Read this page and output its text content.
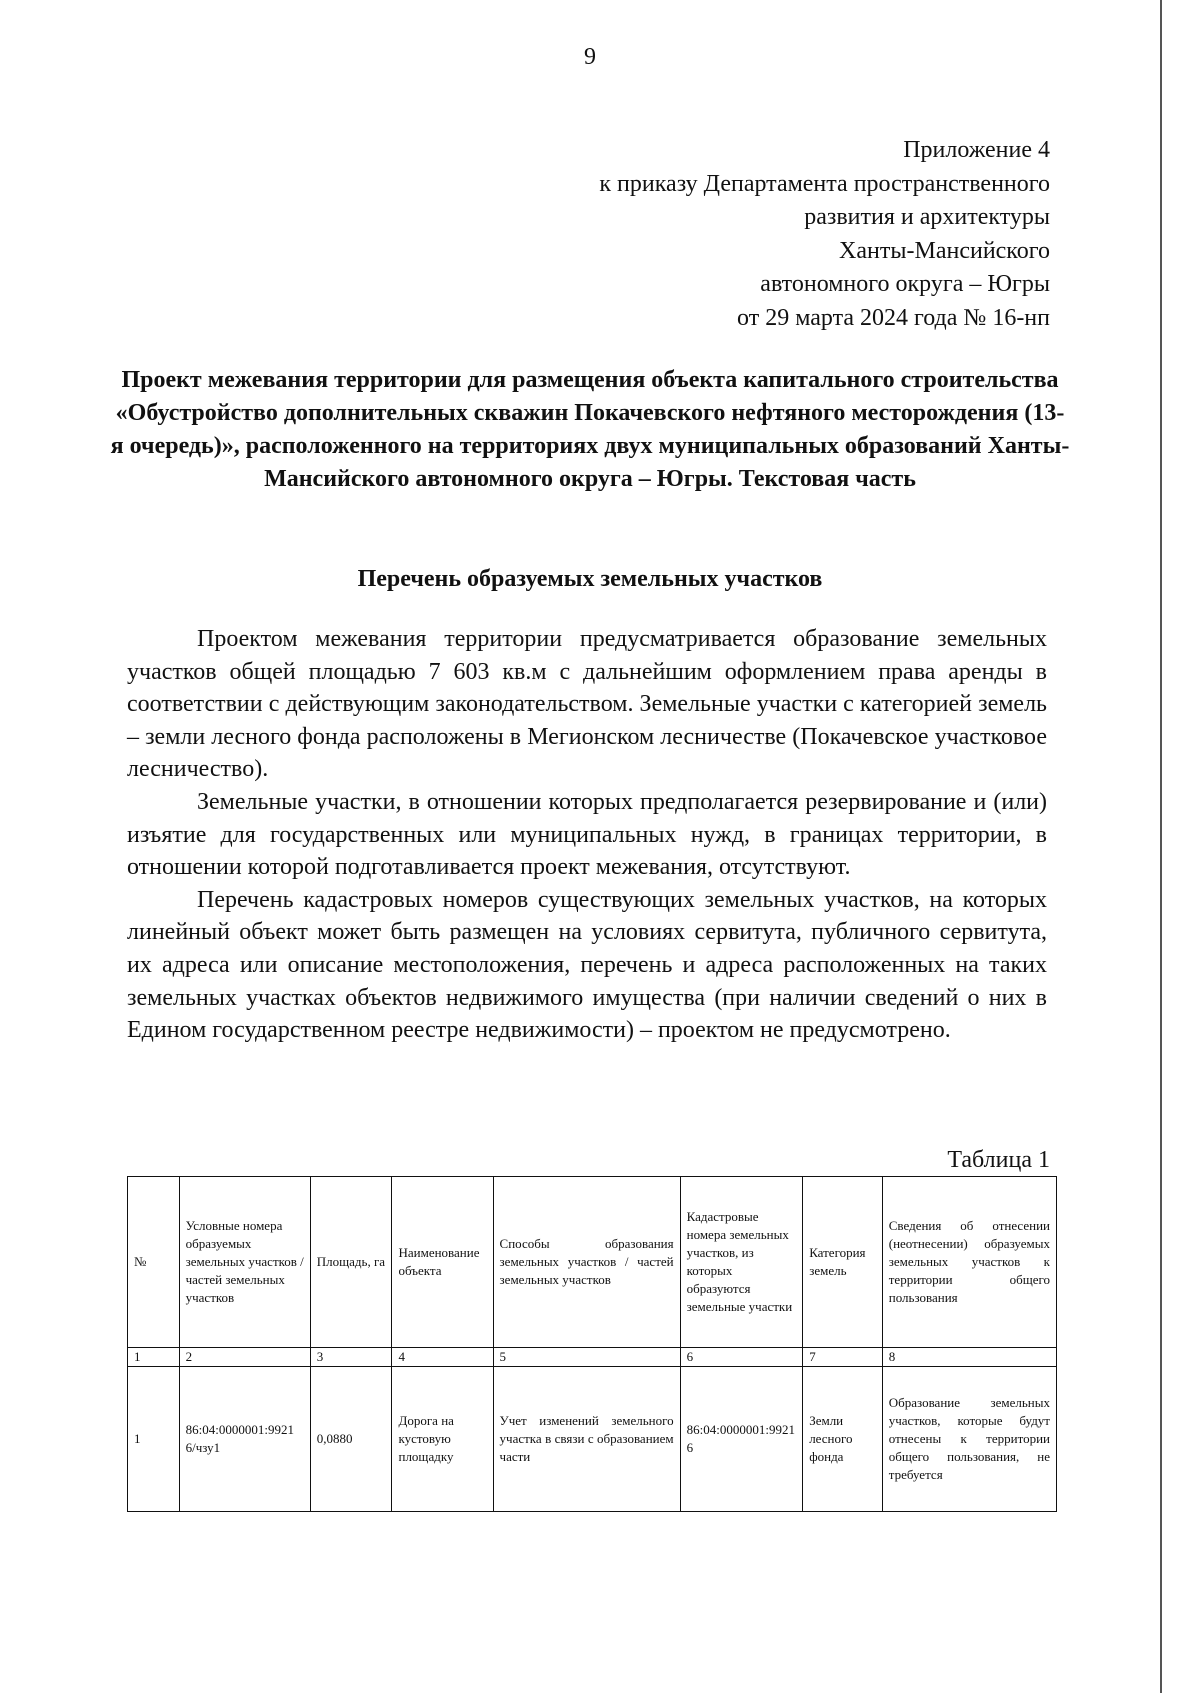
9
Приложение 4
к приказу Департамента пространственного
развития и архитектуры
Ханты-Мансийского
автономного округа – Югры
от 29 марта 2024 года № 16-нп
Проект межевания территории для размещения объекта капитального строительства «Обустройство дополнительных скважин Покачевского нефтяного месторождения (13-я очередь)», расположенного на территориях двух муниципальных образований Ханты-Мансийского автономного округа – Югры. Текстовая часть
Перечень образуемых земельных участков

Проектом межевания территории предусматривается образование земельных участков общей площадью 7 603 кв.м с дальнейшим оформлением права аренды в соответствии с действующим законодательством. Земельные участки с категорией земель – земли лесного фонда расположены в Мегионском лесничестве (Покачевское участковое лесничество).

Земельные участки, в отношении которых предполагается резервирование и (или) изъятие для государственных или муниципальных нужд, в границах территории, в отношении которой подготавливается проект межевания, отсутствуют.

Перечень кадастровых номеров существующих земельных участков, на которых линейный объект может быть размещен на условиях сервитута, публичного сервитута, их адреса или описание местоположения, перечень и адреса расположенных на таких земельных участках объектов недвижимого имущества (при наличии сведений о них в Едином государственном реестре недвижимости) – проектом не предусмотрено.

Таблица 1
№	Условные номера образуемых земельных участков / частей земельных участков	Площадь, га	Наименование объекта	Способы образования земельных участков / частей земельных участков	Кадастровые номера земельных участков, из которых образуются земельные участки	Категория земель	Сведения об отнесении (неотнесении) образуемых земельных участков к территории общего пользования
1	2	3	4	5	6	7	8
1	86:04:0000001:99216/чзу1	0,0880	Дорога на кустовую площадку	Учет изменений земельного участка в связи с образованием части	86:04:0000001:99216	Земли лесного фонда	Образование земельных участков, которые будут отнесены к территории общего пользования, не требуется
